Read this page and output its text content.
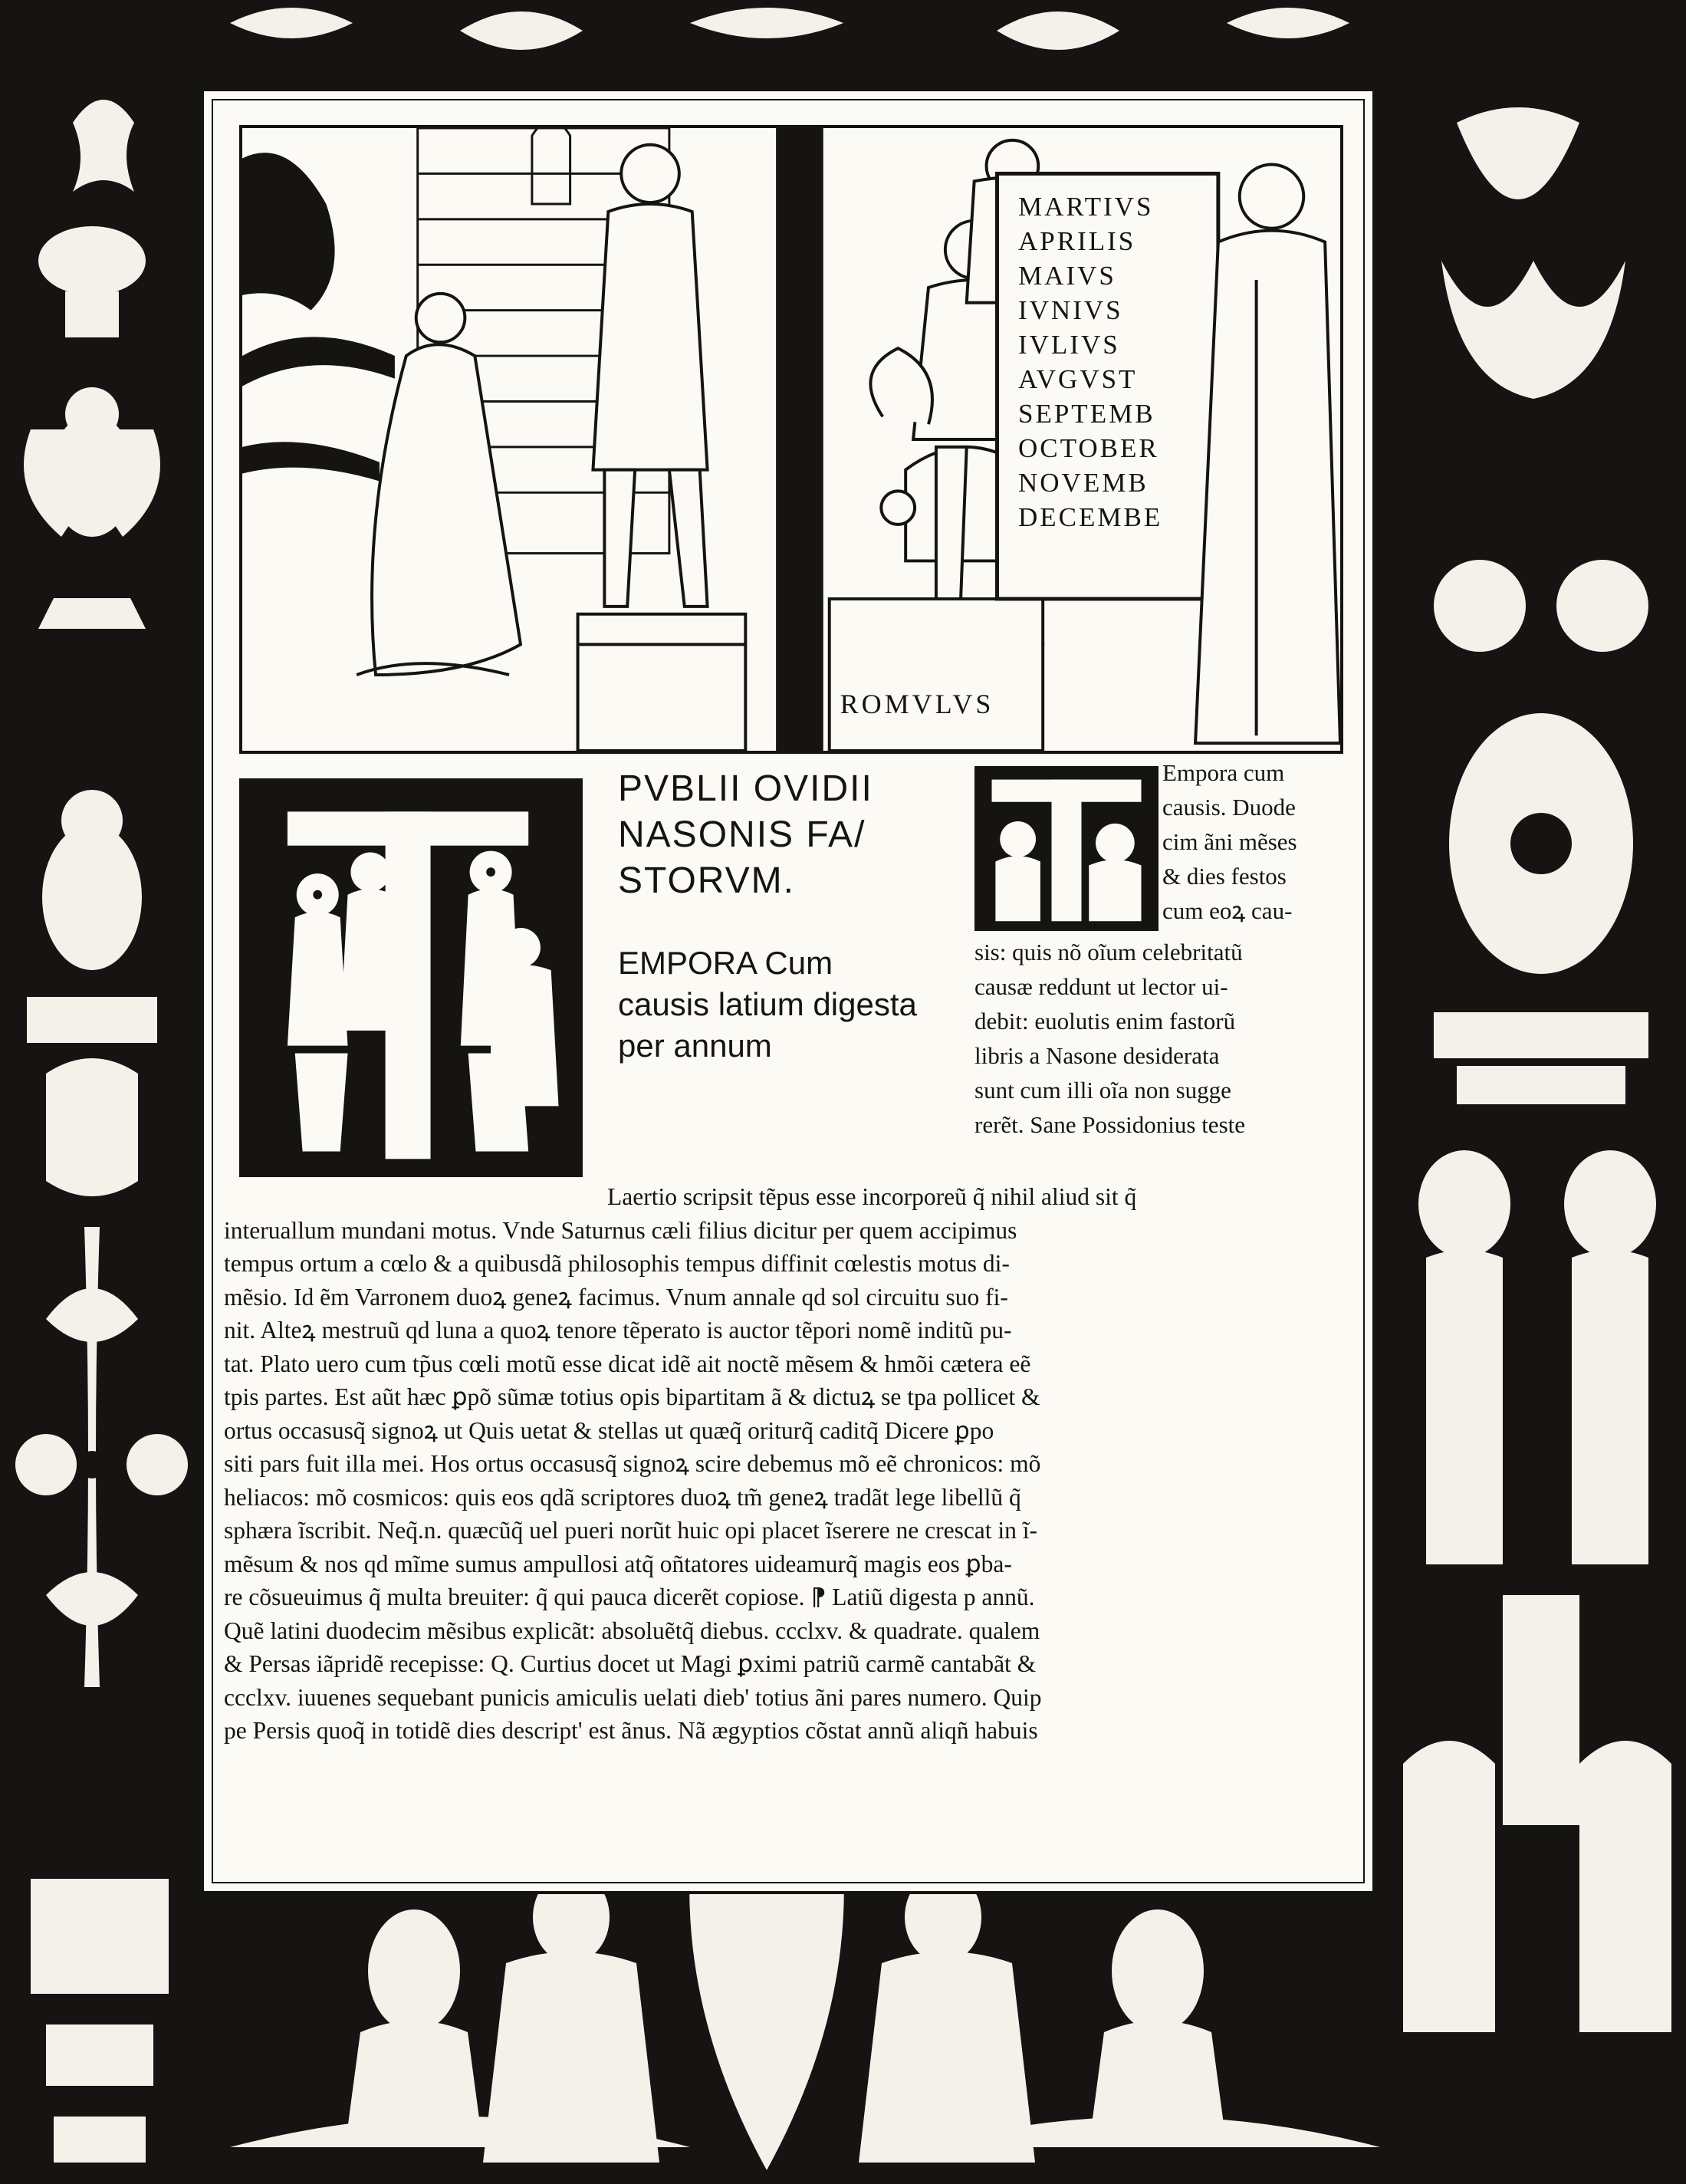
MARTIVS
APRILIS
MAIVS
IVNIVS
IVLIVS
AVGVST
SEPTEMB
OCTOBER
NOVEMB
DECEMBE
ROMVLVS
PVBLII OVIDII
NASONIS FA/
STORVM.
EMPORA Cum
causis latium digesta
per annum
Empora cum
causis. Duode
cim ãni mẽses
& dies festos
cum eoꝝ cau-
sis: quis nõ oĩum celebritatũ
causæ reddunt ut lector ui-
debit: euolutis enim fastorũ
libris a Nasone desiderata
sunt cum illi oĩa non sugge
rerẽt. Sane Possidonius teste
Laertio scripsit tẽpus esse incorporeũ q̃ nihil aliud sit q̃
interuallum mundani motus. Vnde Saturnus cæli filius dicitur per quem accipimus
tempus ortum a cœlo & a quibusdã philosophis tempus diffinit cœlestis motus di-
mẽsio. Id ẽm Varronem duoꝝ geneꝝ facimus. Vnum annale qd sol circuitu suo fi-
nit. Alteꝝ mestruũ qd luna a quoꝝ tenore tẽperato is auctor tẽpori nomẽ inditũ pu-
tat. Plato uero cum tp̃us cœli motũ esse dicat idẽ ait noctẽ mẽsem & hmõi cætera eẽ
tpis partes. Est aũt hæc ꝑpõ sũmæ totius opis bipartitam ã & dictuꝝ se tpa pollicet &
ortus occasusq̃ signoꝝ ut Quis uetat & stellas ut quæq̃ oriturq̃ caditq̃ Dicere ꝑpo
siti pars fuit illa mei. Hos ortus occasusq̃ signoꝝ scire debemus mõ eẽ chronicos: mõ
heliacos: mõ cosmicos: quis eos qdã scriptores duoꝝ tm̃ geneꝝ tradãt lege libellũ q̃
sphæra ĩscribit. Neq̃.n. quæcũq̃ uel pueri norũt huic opi placet ĩserere ne crescat in ĩ-
mẽsum & nos qd mĩme sumus ampullosi atq̃ oñtatores uideamurq̃ magis eos ꝑba-
re cõsueuimus q̃ multa breuiter: q̃ qui pauca dicerẽt copiose. ⁋ Latiũ digesta p annũ.
Quẽ latini duodecim mẽsibus explicãt: absoluẽtq̃ diebus. ccclxv. & quadrate. qualem
& Persas iãpridẽ recepisse: Q. Curtius docet ut Magi ꝑximi patriũ carmẽ cantabãt &
ccclxv. iuuenes sequebant punicis amiculis uelati dieb' totius ãni pares numero. Quip
pe Persis quoq̃ in totidẽ dies descript' est ãnus. Nã ægyptios cõstat annũ aliqñ habuis
